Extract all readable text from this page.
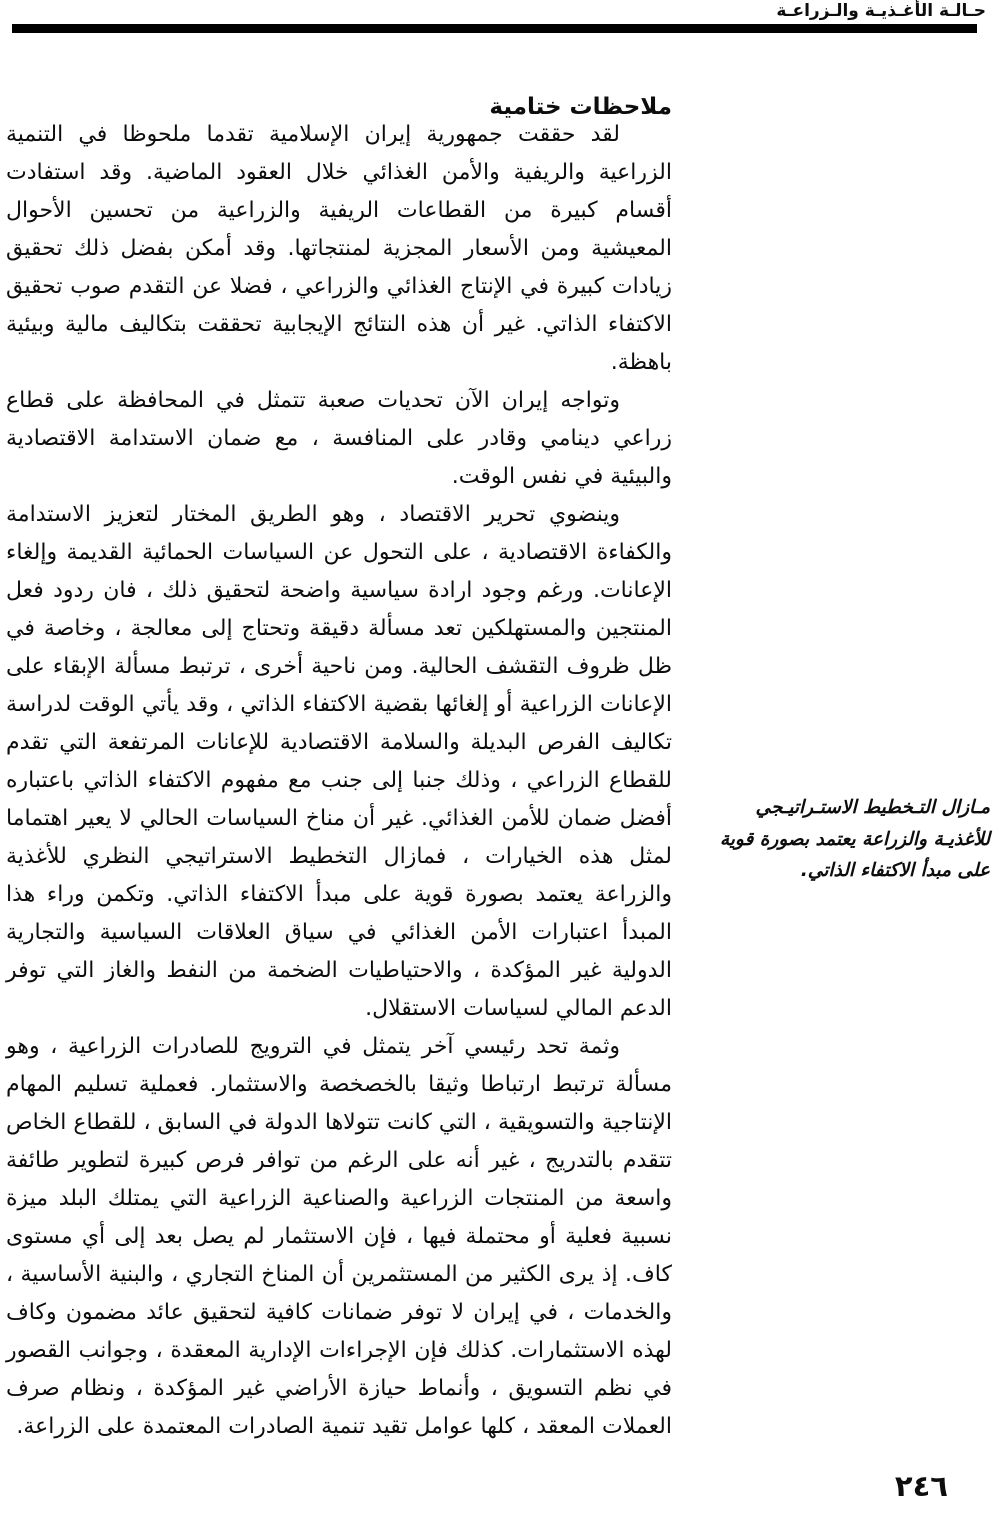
حـالـة الأغـذيـة والـزراعـة
ملاحظات ختامية

لقد حققت جمهورية إيران الإسلامية تقدما ملحوظا في التنمية الزراعية والريفية والأمن الغذائي خلال العقود الماضية. وقد استفادت أقسام كبيرة من القطاعات الريفية والزراعية من تحسين الأحوال المعيشية ومن الأسعار المجزية لمنتجاتها. وقد أمكن بفضل ذلك تحقيق زيادات كبيرة في الإنتاج الغذائي والزراعي ، فضلا عن التقدم صوب تحقيق الاكتفاء الذاتي. غير أن هذه النتائج الإيجابية تحققت بتكاليف مالية وبيئية باهظة.

وتواجه إيران الآن تحديات صعبة تتمثل في المحافظة على قطاع زراعي دينامي وقادر على المنافسة ، مع ضمان الاستدامة الاقتصادية والبيئية في نفس الوقت.

وينضوي تحرير الاقتصاد ، وهو الطريق المختار لتعزيز الاستدامة والكفاءة الاقتصادية ، على التحول عن السياسات الحمائية القديمة وإلغاء الإعانات. ورغم وجود ارادة سياسية واضحة لتحقيق ذلك ، فان ردود فعل المنتجين والمستهلكين تعد مسألة دقيقة وتحتاج إلى معالجة ، وخاصة في ظل ظروف التقشف الحالية. ومن ناحية أخرى ، ترتبط مسألة الإبقاء على الإعانات الزراعية أو إلغائها بقضية الاكتفاء الذاتي ، وقد يأتي الوقت لدراسة تكاليف الفرص البديلة والسلامة الاقتصادية للإعانات المرتفعة التي تقدم للقطاع الزراعي ، وذلك جنبا إلى جنب مع مفهوم الاكتفاء الذاتي باعتباره أفضل ضمان للأمن الغذائي. غير أن مناخ السياسات الحالي لا يعير اهتماما لمثل هذه الخيارات ، فمازال التخطيط الاستراتيجي النظري للأغذية والزراعة يعتمد بصورة قوية على مبدأ الاكتفاء الذاتي. وتكمن وراء هذا المبدأ اعتبارات الأمن الغذائي في سياق العلاقات السياسية والتجارية الدولية غير المؤكدة ، والاحتياطيات الضخمة من النفط والغاز التي توفر الدعم المالي لسياسات الاستقلال.

وثمة تحد رئيسي آخر يتمثل في الترويج للصادرات الزراعية ، وهو مسألة ترتبط ارتباطا وثيقا بالخصخصة والاستثمار. فعملية تسليم المهام الإنتاجية والتسويقية ، التي كانت تتولاها الدولة في السابق ، للقطاع الخاص تتقدم بالتدريج ، غير أنه على الرغم من توافر فرص كبيرة لتطوير طائفة واسعة من المنتجات الزراعية والصناعية الزراعية التي يمتلك البلد ميزة نسبية فعلية أو محتملة فيها ، فإن الاستثمار لم يصل بعد إلى أي مستوى كاف. إذ يرى الكثير من المستثمرين أن المناخ التجاري ، والبنية الأساسية ، والخدمات ، في إيران لا توفر ضمانات كافية لتحقيق عائد مضمون وكاف لهذه الاستثمارات. كذلك فإن الإجراءات الإدارية المعقدة ، وجوانب القصور في نظم التسويق ، وأنماط حيازة الأراضي غير المؤكدة ، ونظام صرف العملات المعقد ، كلها عوامل تقيد تنمية الصادرات المعتمدة على الزراعة.

مـازال التـخطيط الاستـراتيـجي للأغذيـة والزراعة يعتمد بصورة قوية على مبدأ الاكتفاء الذاتي.
٢٤٦
